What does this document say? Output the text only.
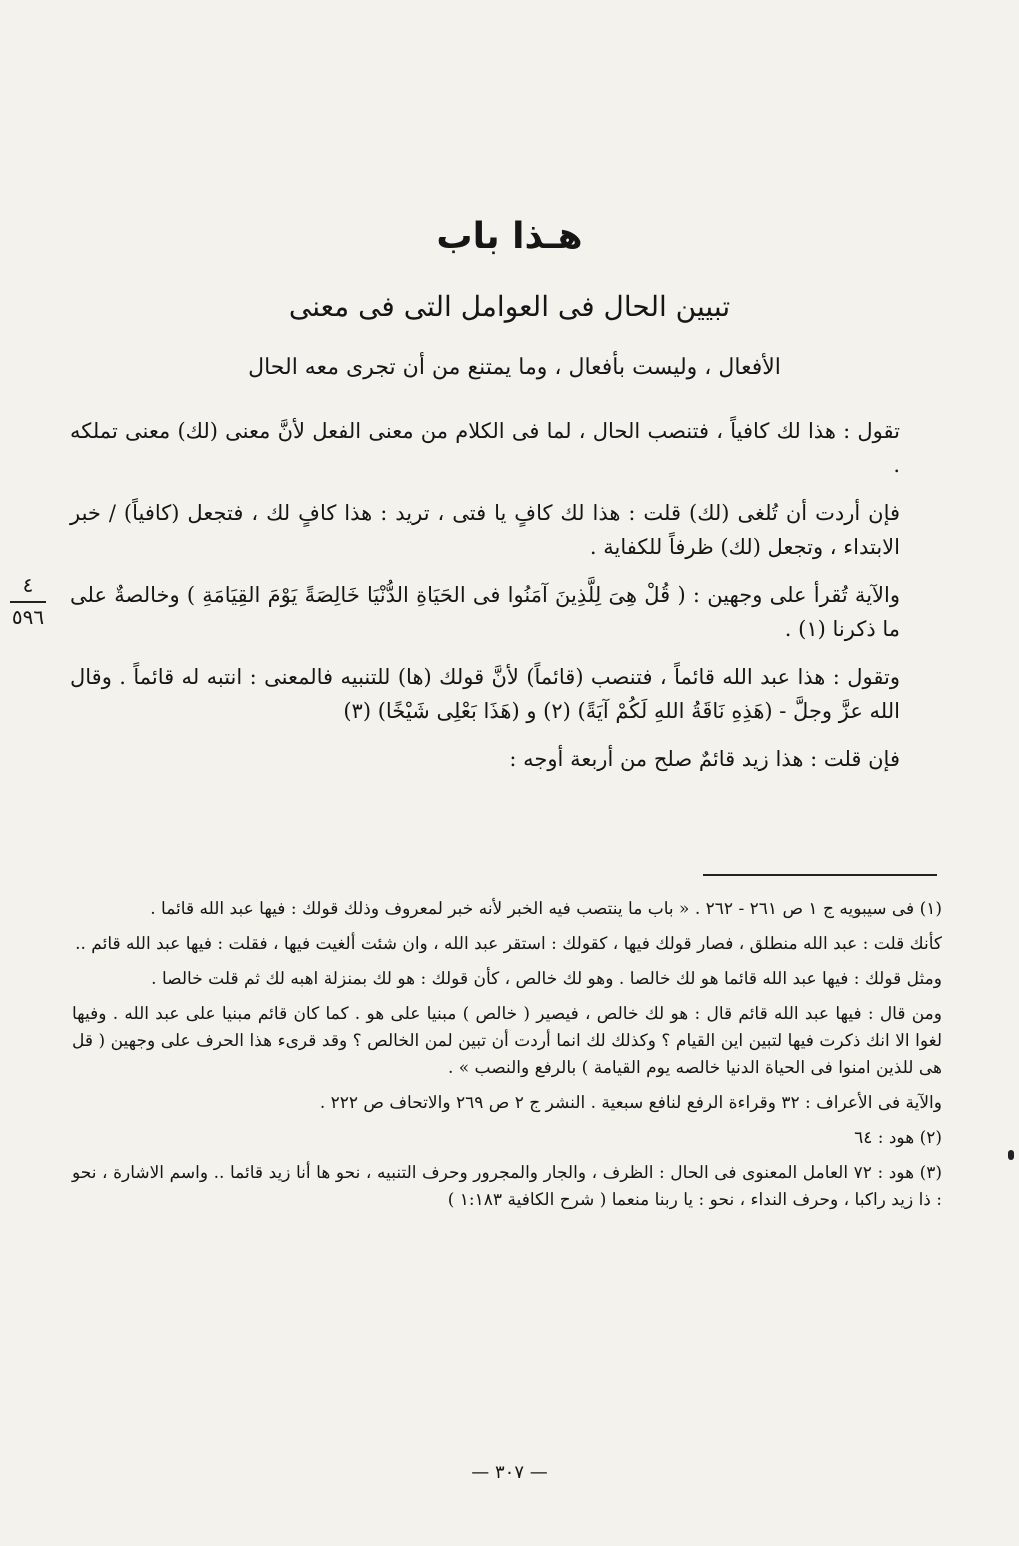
هـذا باب
تبيين الحال فى العوامل التى فى معنى
الأفعال ، وليست بأفعال ، وما يمتنع من أن تجرى معه الحال
٤
٥٩٦

تقول : هذا لك كافياً ، فتنصب الحال ، لما فى الكلام من معنى الفعل لأنَّ معنى (لك) معنى تملكه .

فإن أردت أن تُلغى (لك) قلت : هذا لك كافٍ يا فتى ، تريد : هذا كافٍ لك ، فتجعل (كافياً) / خبر الابتداء ، وتجعل (لك) ظرفاً للكفاية .

والآية تُقرأ على وجهين : ( قُلْ هِىَ لِلَّذِينَ آمَنُوا فى الحَيَاةِ الدُّنْيَا خَالِصَةً يَوْمَ القِيَامَةِ ) وخالصةٌ على ما ذكرنا (١) .

وتقول : هذا عبد الله قائماً ، فتنصب (قائماً) لأنَّ قولك (ها) للتنبيه فالمعنى : انتبه له قائماً . وقال الله عزَّ وجلَّ - (هَذِهِ نَاقَةُ اللهِ لَكُمْ آيَةً) (٢) و (هَذَا بَعْلِى شَيْخًا) (٣)

فإن قلت : هذا زيد قائمٌ صلح من أربعة أوجه :

(١) فى سيبويه ج ١ ص ٢٦١ - ٢٦٢ . « باب ما ينتصب فيه الخبر لأنه خبر لمعروف وذلك قولك : فيها عبد الله قائما .

كأنك قلت : عبد الله منطلق ، فصار قولك فيها ، كقولك : استقر عبد الله ، وان شئت ألغيت فيها ، فقلت : فيها عبد الله قائم ..

ومثل قولك : فيها عبد الله قائما هو لك خالصا . وهو لك خالص ، كأن قولك : هو لك بمنزلة اهبه لك ثم قلت خالصا .

ومن قال : فيها عبد الله قائم قال : هو لك خالص ، فيصير ( خالص ) مبنيا على هو . كما كان قائم مبنيا على عبد الله . وفيها لغوا الا انك ذكرت فيها لتبين اين القيام ؟ وكذلك لك انما أردت أن تبين لمن الخالص ؟ وقد قرىء هذا الحرف على وجهين ( قل هى للذين امنوا فى الحياة الدنيا خالصه يوم القيامة ) بالرفع والنصب » .

والآية فى الأعراف : ٣٢ وقراءة الرفع لنافع سبعية . النشر ج ٢ ص ٢٦٩ والاتحاف ص ٢٢٢ .

(٢) هود : ٦٤

(٣) هود : ٧٢ العامل المعنوى فى الحال : الظرف ، والجار والمجرور وحرف التنبيه ، نحو ها أنا زيد قائما .. واسم الاشارة ، نحو : ذا زيد راكبا ، وحرف النداء ، نحو : يا ربنا منعما ( شرح الكافية ١:١٨٣ )

— ٣٠٧ —
